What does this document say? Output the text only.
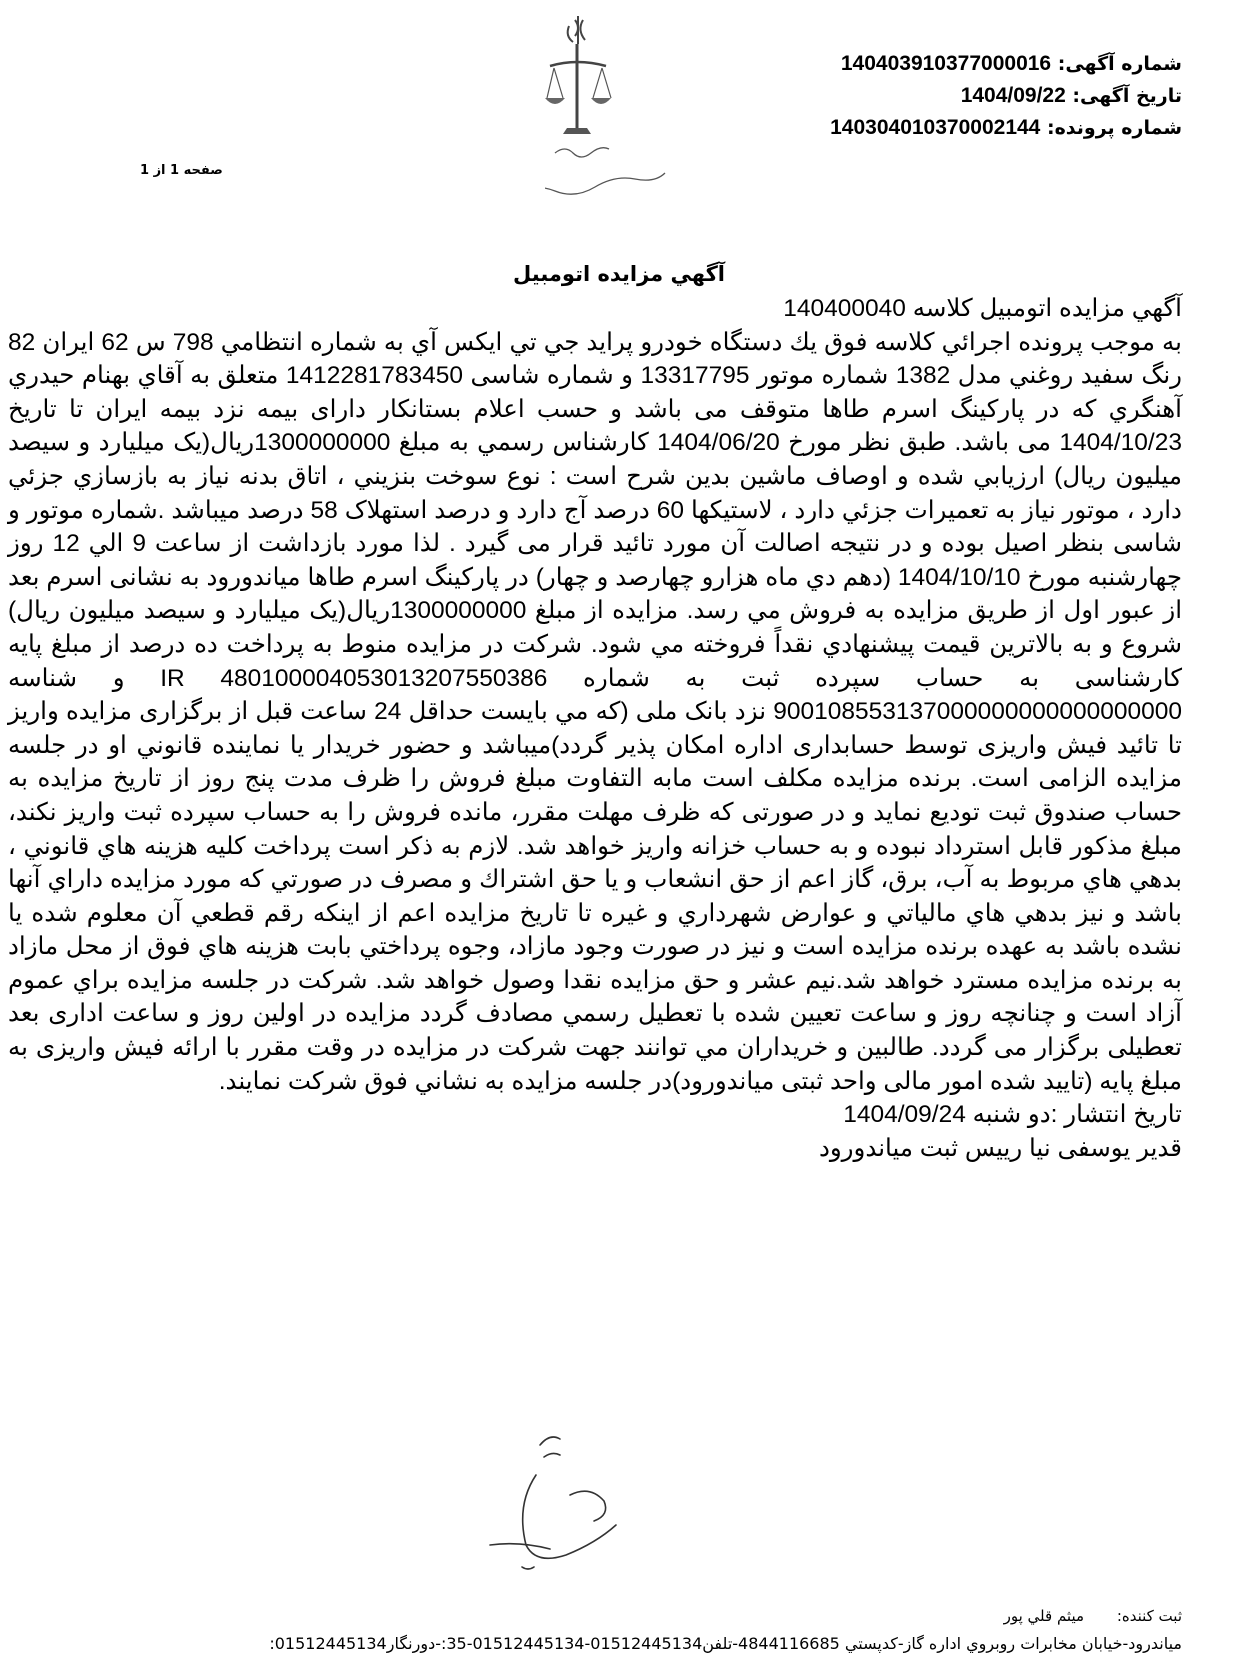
شماره آگهی: 140403910377000016
تاریخ آگهی: 1404/09/22
شماره پرونده: 140304010370002144
صفحه 1 از 1
آگهي مزايده اتومبيل

آگهي مزايده اتومبيل كلاسه 140400040

به موجب پرونده اجرائي كلاسه فوق يك دستگاه خودرو پرايد جي تي ايكس آي به شماره انتظامي 798 س 62 ايران 82 رنگ سفيد روغني مدل 1382 شماره موتور 13317795 و شماره شاسی 1412281783450 متعلق به آقاي بهنام حيدري آهنگري كه در پاركينگ اسرم طاها متوقف می باشد و حسب اعلام بستانکار دارای بیمه نزد بیمه ایران تا تاریخ 1404/10/23 می باشد. طبق نظر مورخ 1404/06/20 كارشناس رسمي به مبلغ 1300000000ريال(يک ميليارد و سيصد ميليون ريال) ارزيابي شده و اوصاف ماشين بدين شرح است : نوع سوخت بنزيني ، اتاق بدنه نياز به بازسازي جزئي دارد ، موتور نياز به تعميرات جزئي دارد ، لاستیکها 60 درصد آج دارد و درصد استهلاک 58 درصد میباشد .شماره موتور و شاسی بنظر اصیل بوده و در نتیجه اصالت آن مورد تائید قرار می گیرد . لذا مورد بازداشت از ساعت 9 الي 12 روز چهارشنبه مورخ 1404/10/10 (دهم دي ماه هزارو چهارصد و چهار) در پاركينگ اسرم طاها میاندورود به نشانی اسرم بعد از عبور اول از طريق مزايده به فروش مي رسد. مزايده از مبلغ 1300000000ريال(يک ميليارد و سيصد ميليون ريال) شروع و به بالاترين قيمت پيشنهادي نقداً فروخته مي شود. شرکت در مزایده منوط به پرداخت ده درصد از مبلغ پایه کارشناسی به حساب سپرده ثبت به شماره IR 480100004053013207550386 و شناسه 900108553137000000000000000000 نزد بانک ملی (كه مي بايست حداقل 24 ساعت قبل از برگزاری مزایده واریز تا تائید فیش واریزی توسط حسابداری اداره امکان پذیر گردد)میباشد و حضور خريدار يا نماينده قانوني او در جلسه مزايده الزامی است. برنده مزایده مكلف است مابه التفاوت مبلغ فروش را ظرف مدت پنج روز از تاريخ مزايده به حساب صندوق ثبت توديع نمايد و در صورتی كه ظرف مهلت مقرر، مانده فروش را به حساب سپرده ثبت واريز نكند، مبلغ مذكور قابل استرداد نبوده و به حساب خزانه واريز خواهد شد. لازم به ذكر است پرداخت كليه هزينه هاي قانوني ، بدهي هاي مربوط به آب، برق، گاز اعم از حق انشعاب و يا حق اشتراك و مصرف در صورتي كه مورد مزايده داراي آنها باشد و نيز بدهي هاي مالياتي و عوارض شهرداري و غيره تا تاريخ مزايده اعم از اينكه رقم قطعي آن معلوم شده يا نشده باشد به عهده برنده مزايده است و نيز در صورت وجود مازاد، وجوه پرداختي بابت هزينه هاي فوق از محل مازاد به برنده مزايده مسترد خواهد شد.نيم عشر و حق مزايده نقدا وصول خواهد شد. شركت در جلسه مزايده براي عموم آزاد است و چنانچه روز و ساعت تعيين شده با تعطيل رسمي مصادف گردد مزايده در اولين روز و ساعت اداری بعد تعطیلی برگزار می گردد. طالبين و خريداران مي توانند جهت شركت در مزايده در وقت مقرر با ارائه فیش واریزی به مبلغ پایه (تایید شده امور مالی واحد ثبتی میاندورود)در جلسه مزايده به نشاني فوق شركت نمايند.

تاريخ انتشار :دو شنبه 1404/09/24

قدير يوسفی نيا رييس ثبت میاندورود

ثبت كننده: ميثم قلي پور
میاندرود-خیابان مخابرات روبروي اداره گاز-کدپستي 4844116685-تلفن01512445134-01512445134-35:-دورنگار01512445134:
